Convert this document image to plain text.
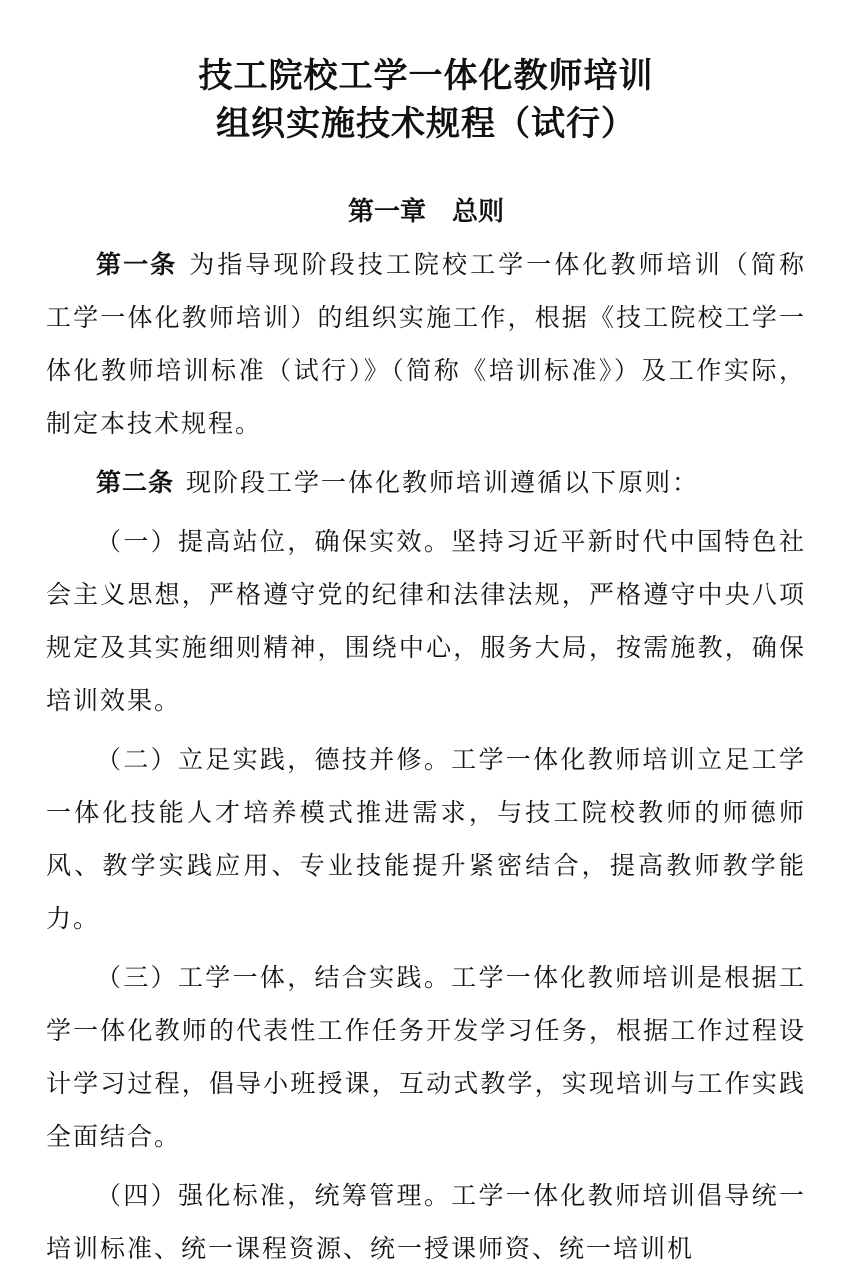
技工院校工学一体化教师培训
组织实施技术规程（试行）
第一章　总则

第一条 为指导现阶段技工院校工学一体化教师培训（简称工学一体化教师培训）的组织实施工作，根据《技工院校工学一体化教师培训标准（试行）》（简称《培训标准》）及工作实际，制定本技术规程。

第二条 现阶段工学一体化教师培训遵循以下原则：

（一）提高站位，确保实效。坚持习近平新时代中国特色社会主义思想，严格遵守党的纪律和法律法规，严格遵守中央八项规定及其实施细则精神，围绕中心，服务大局，按需施教，确保培训效果。

（二）立足实践，德技并修。工学一体化教师培训立足工学一体化技能人才培养模式推进需求，与技工院校教师的师德师风、教学实践应用、专业技能提升紧密结合，提高教师教学能力。

（三）工学一体，结合实践。工学一体化教师培训是根据工学一体化教师的代表性工作任务开发学习任务，根据工作过程设计学习过程，倡导小班授课，互动式教学，实现培训与工作实践全面结合。

（四）强化标准，统筹管理。工学一体化教师培训倡导统一培训标准、统一课程资源、统一授课师资、统一培训机
